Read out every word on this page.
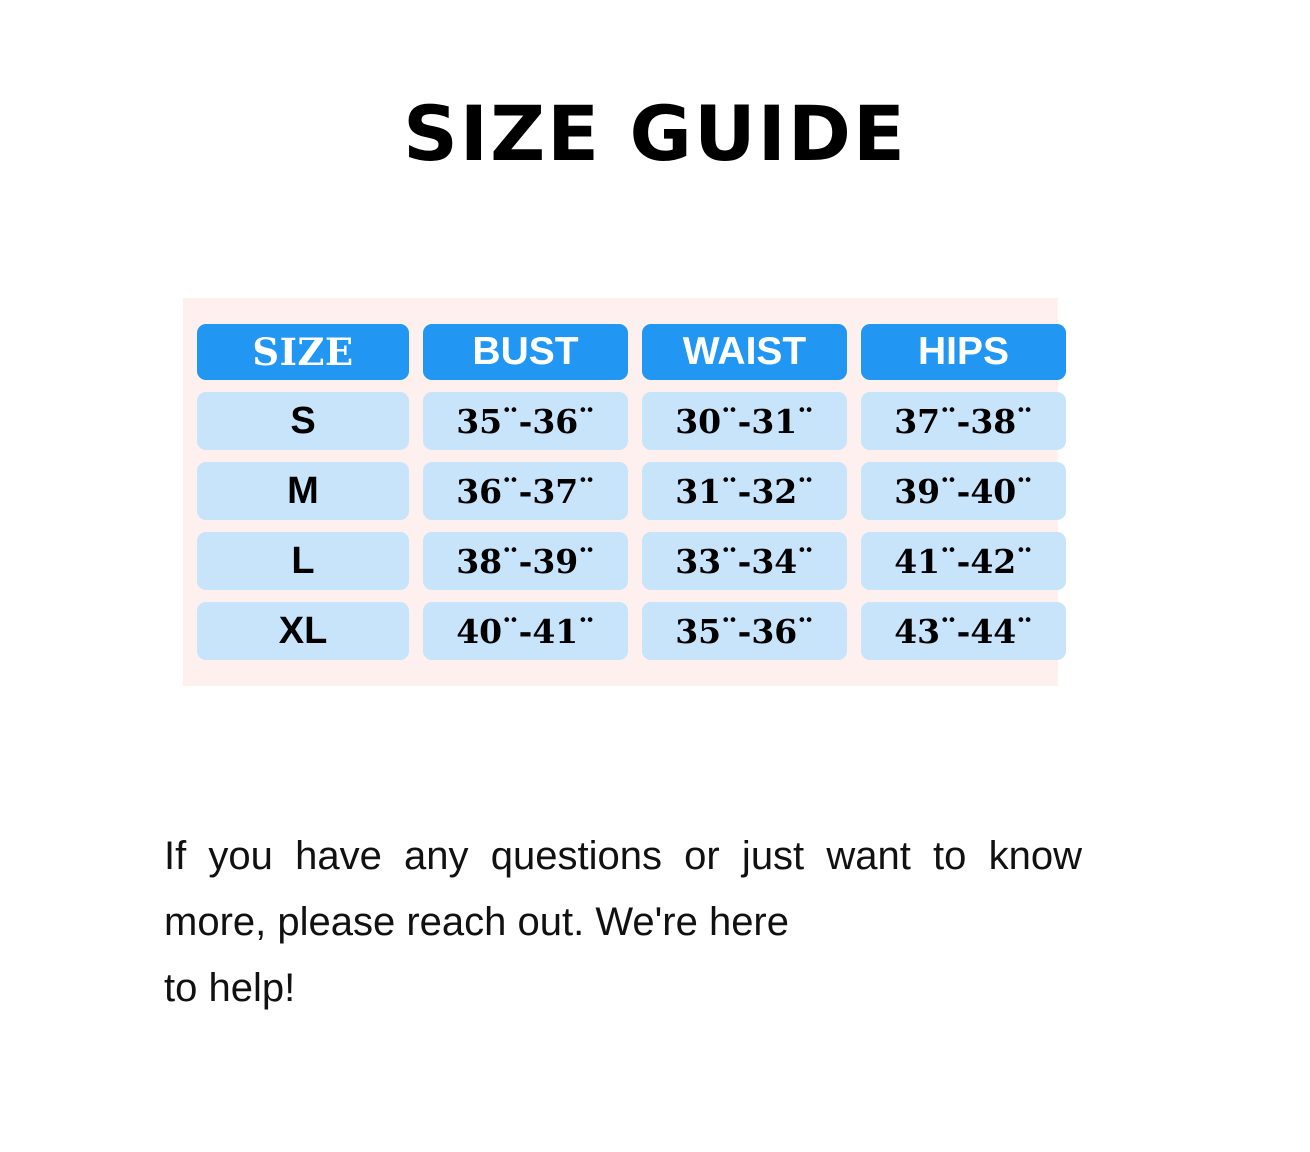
SIZE GUIDE
SIZE	BUST	WAIST	HIPS
S	35¨-36¨	30¨-31¨	37¨-38¨
M	36¨-37¨	31¨-32¨	39¨-40¨
L	38¨-39¨	33¨-34¨	41¨-42¨
XL	40¨-41¨	35¨-36¨	43¨-44¨
If you have any questions or just want to know more, please reach out. We're here
to help!
